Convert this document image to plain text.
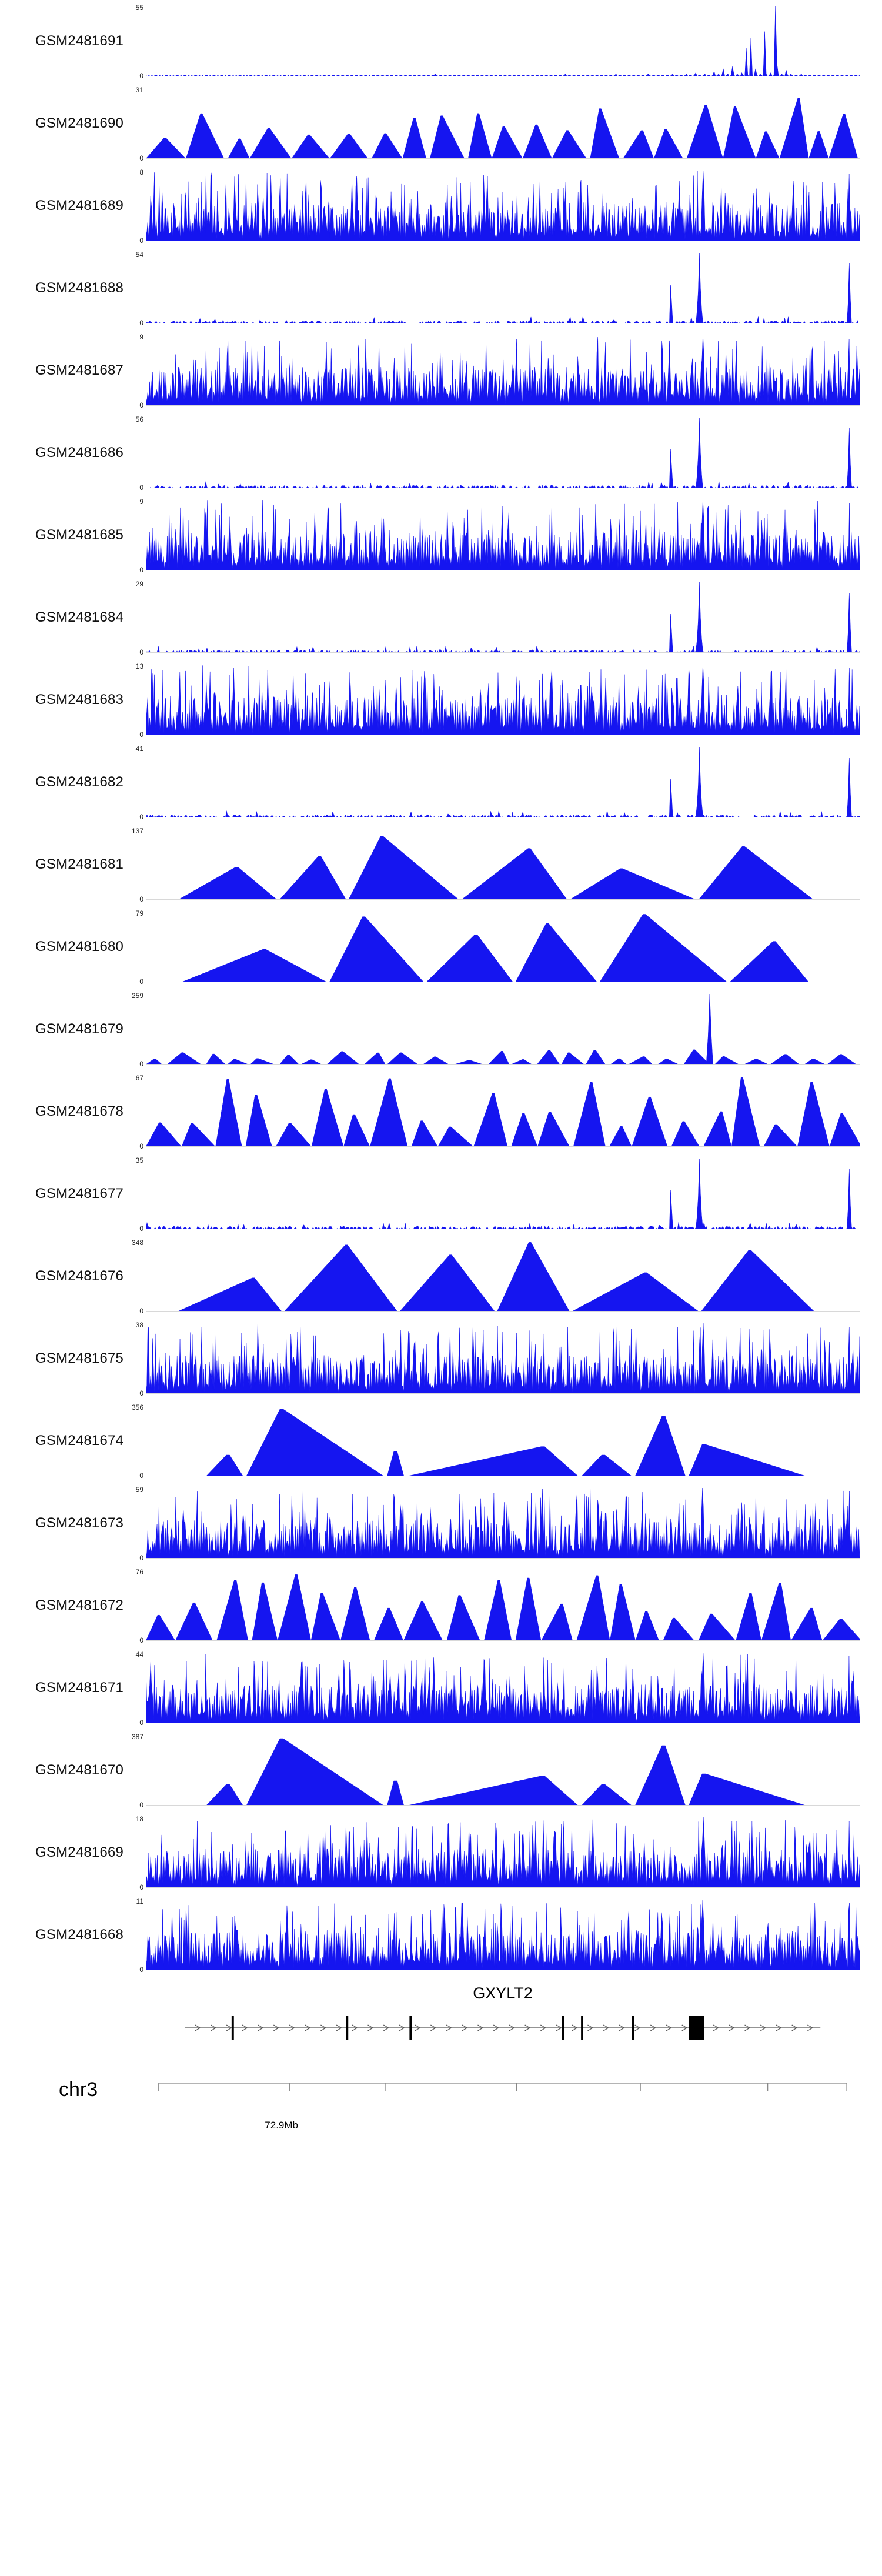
GSM2481691
55
0
GSM2481690
31
0
GSM2481689
8
0
GSM2481688
54
0
GSM2481687
9
0
GSM2481686
56
0
GSM2481685
9
0
GSM2481684
29
0
GSM2481683
13
0
GSM2481682
41
0
GSM2481681
137
0
GSM2481680
79
0
GSM2481679
259
0
GSM2481678
67
0
GSM2481677
35
0
GSM2481676
348
0
GSM2481675
38
0
GSM2481674
356
0
GSM2481673
59
0
GSM2481672
76
0
GSM2481671
44
0
GSM2481670
387
0
GSM2481669
18
0
GSM2481668
11
0
GXYLT2
chr3
72.9Mb
